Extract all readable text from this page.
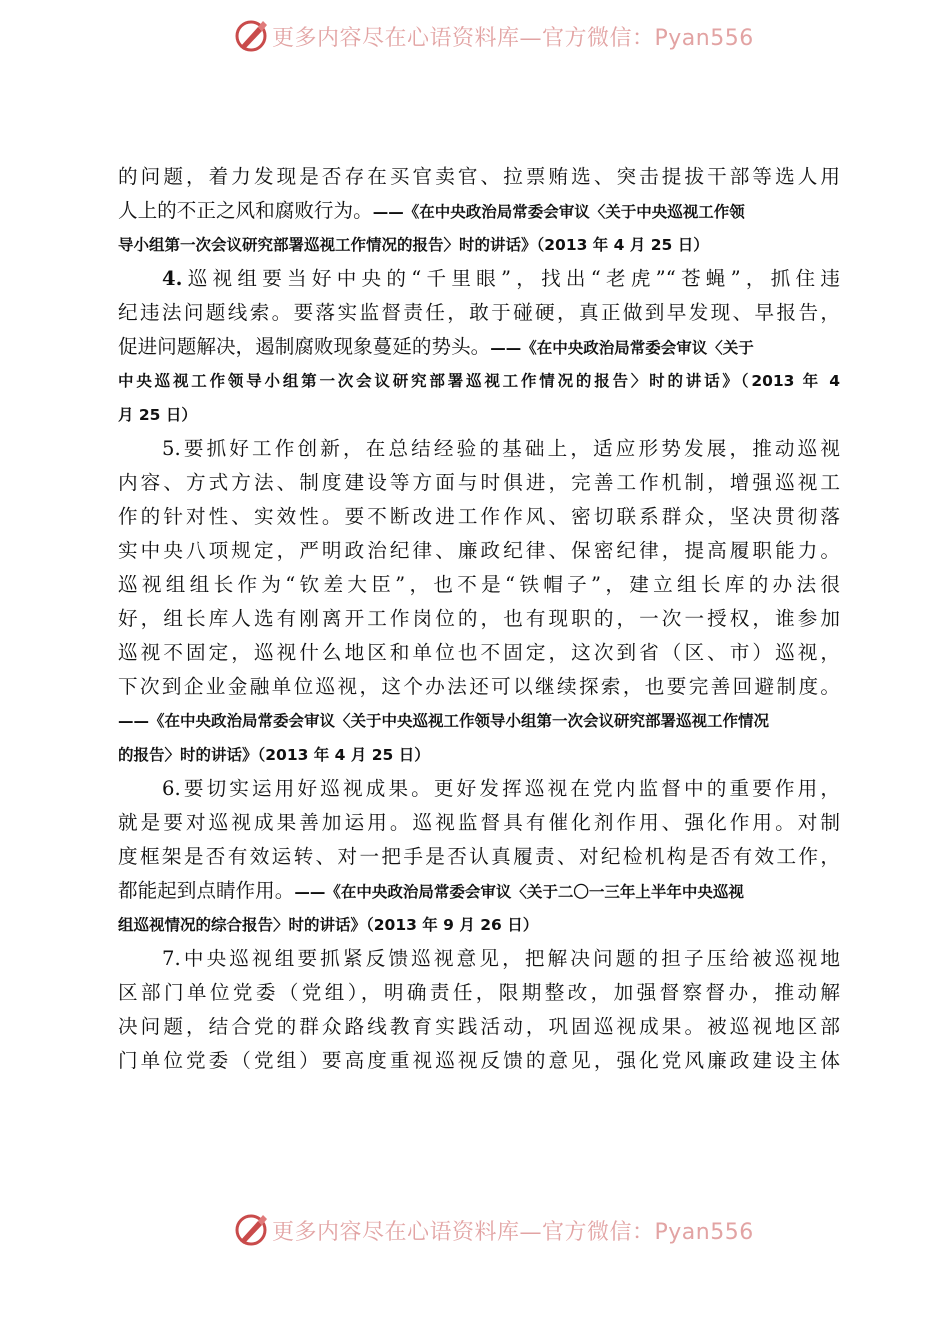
更多内容尽在心语资料库—官方微信：Pyan556
的问题，着力发现是否存在买官卖官、拉票贿选、突击提拔干部等选人用
人上的不正之风和腐败行为。——《在中央政治局常委会审议〈关于中央巡视工作领
导小组第一次会议研究部署巡视工作情况的报告〉时的讲话》（2013 年 4 月 25 日）
4.巡视组要当好中央的“千里眼”，找出“老虎”“苍蝇”，抓住违
纪违法问题线索。要落实监督责任，敢于碰硬，真正做到早发现、早报告，
促进问题解决，遏制腐败现象蔓延的势头。——《在中央政治局常委会审议〈关于
中央巡视工作领导小组第一次会议研究部署巡视工作情况的报告〉时的讲话》（2013 年 4
月 25 日）
5.要抓好工作创新，在总结经验的基础上，适应形势发展，推动巡视
内容、方式方法、制度建设等方面与时俱进，完善工作机制，增强巡视工
作的针对性、实效性。要不断改进工作作风、密切联系群众，坚决贯彻落
实中央八项规定，严明政治纪律、廉政纪律、保密纪律，提高履职能力。
巡视组组长作为“钦差大臣”，也不是“铁帽子”，建立组长库的办法很
好，组长库人选有刚离开工作岗位的，也有现职的，一次一授权，谁参加
巡视不固定，巡视什么地区和单位也不固定，这次到省（区、市）巡视，
下次到企业金融单位巡视，这个办法还可以继续探索，也要完善回避制度。
——《在中央政治局常委会审议〈关于中央巡视工作领导小组第一次会议研究部署巡视工作情况
的报告〉时的讲话》（2013 年 4 月 25 日）
6.要切实运用好巡视成果。更好发挥巡视在党内监督中的重要作用，
就是要对巡视成果善加运用。巡视监督具有催化剂作用、强化作用。对制
度框架是否有效运转、对一把手是否认真履责、对纪检机构是否有效工作，
都能起到点睛作用。——《在中央政治局常委会审议〈关于二〇一三年上半年中央巡视
组巡视情况的综合报告〉时的讲话》（2013 年 9 月 26 日）
7.中央巡视组要抓紧反馈巡视意见，把解决问题的担子压给被巡视地
区部门单位党委（党组），明确责任，限期整改，加强督察督办，推动解
决问题，结合党的群众路线教育实践活动，巩固巡视成果。被巡视地区部
门单位党委（党组）要高度重视巡视反馈的意见，强化党风廉政建设主体
更多内容尽在心语资料库—官方微信：Pyan556
